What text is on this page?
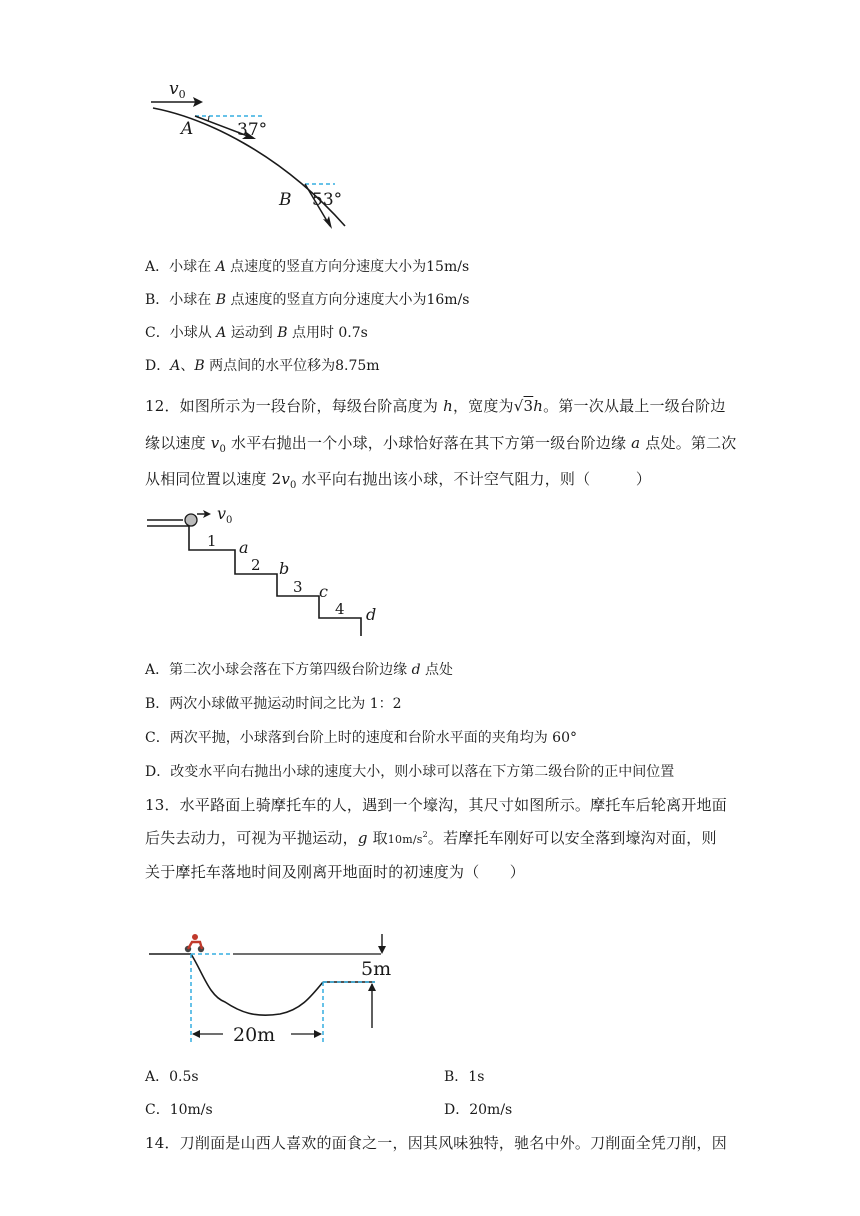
$v_0$
A	37°
B 53°
A．小球在 A 点速度的竖直方向分速度大小为15m/s
B．小球在 B 点速度的竖直方向分速度大小为16m/s
C．小球从 A 运动到 B 点用时 0.7s
D．A、B 两点间的水平位移为8.75m
12．如图所示为一段台阶，每级台阶高度为 h，宽度为√3h。第一次从最上一级台阶边
缘以速度 $v_0$ 水平右抛出一个小球，小球恰好落在其下方第一级台阶边缘 a 点处。第二次
从相同位置以速度 $2v_0$ 水平向右抛出该小球，不计空气阻力，则（　　　）
$v_0$
1
2
3
4
a
b
c
d
A．第二次小球会落在下方第四级台阶边缘 d 点处
B．两次小球做平抛运动时间之比为 1：2
C．两次平抛，小球落到台阶上时的速度和台阶水平面的夹角均为 60°
D．改变水平向右抛出小球的速度大小，则小球可以落在下方第二级台阶的正中间位置
13．水平路面上骑摩托车的人，遇到一个壕沟，其尺寸如图所示。摩托车后轮离开地面
后失去动力，可视为平抛运动，g 取$10m/s^2$。若摩托车刚好可以安全落到壕沟对面，则
关于摩托车落地时间及刚离开地面时的初速度为（　　）
5m
20m
A．0.5s	B．1s
C．10m/s	D．20m/s
14．刀削面是山西人喜欢的面食之一，因其风味独特，驰名中外。刀削面全凭刀削，因
